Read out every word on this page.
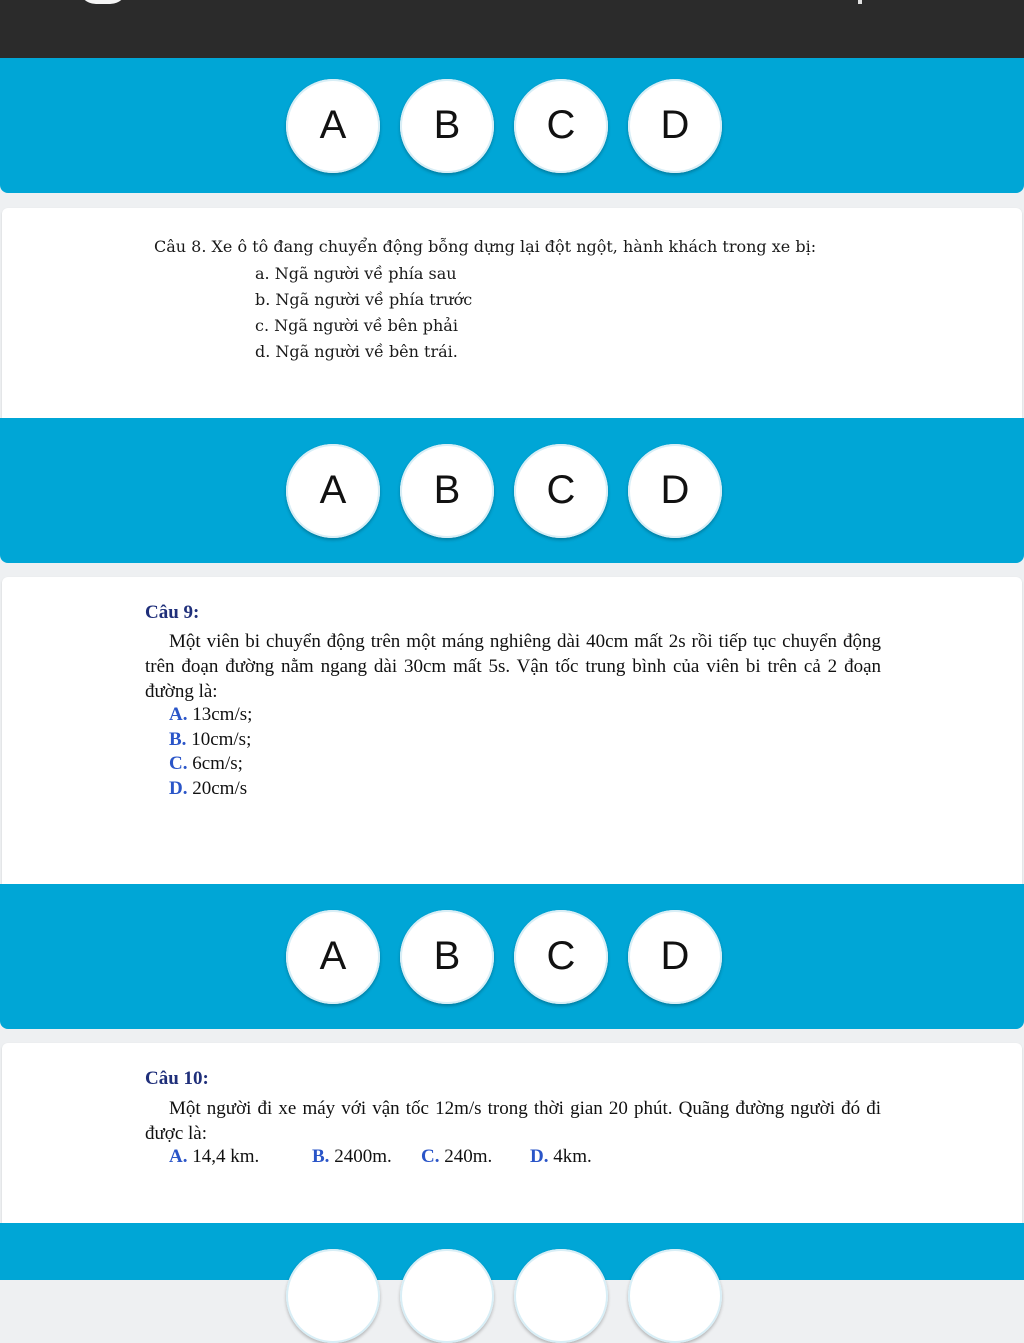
A	B	C	D
Câu 8. Xe ô tô đang chuyển động bỗng dựng lại đột ngột, hành khách trong xe bị:
a. Ngã người về phía sau
b. Ngã người về phía trước
c. Ngã người về bên phải
d. Ngã người về bên trái.
A	B	C	D
Câu 9:
Một viên bi chuyển động trên một máng nghiêng dài 40cm mất 2s rồi tiếp tục chuyển động trên đoạn đường nằm ngang dài 30cm mất 5s. Vận tốc trung bình của viên bi trên cả 2 đoạn đường là:
A. 13cm/s;
B. 10cm/s;
C. 6cm/s;
D. 20cm/s
A	B	C	D
Câu 10:
Một người đi xe máy với vận tốc 12m/s trong thời gian 20 phút. Quãng đường người đó đi được là:
A. 14,4 km.	B. 2400m. C. 240m. D. 4km.
